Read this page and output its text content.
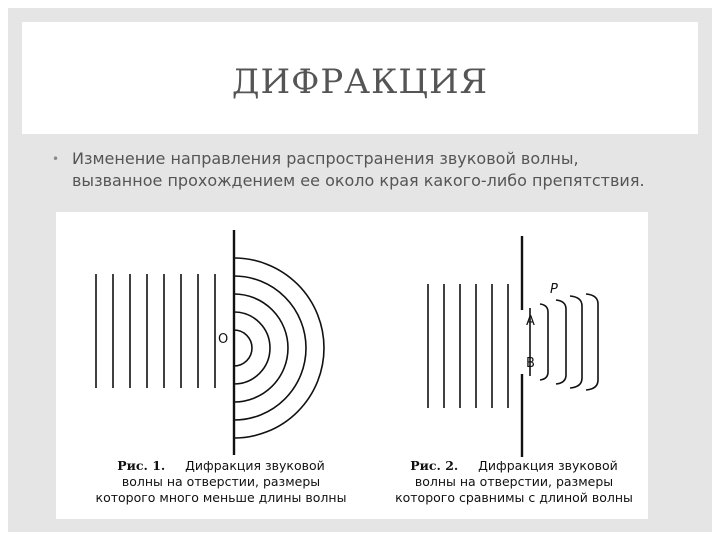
ДИФРАКЦИЯ
• Изменение направления распространения звуковой волны,
вызванное прохождением ее около края какого-либо препятствия.
O
P
A
B
Рис. 1. Дифракция звуковой
волны на отверстии, размеры
которого много меньше длины волны
Рис. 2. Дифракция звуковой
волны на отверстии, размеры
которого сравнимы с длиной волны
